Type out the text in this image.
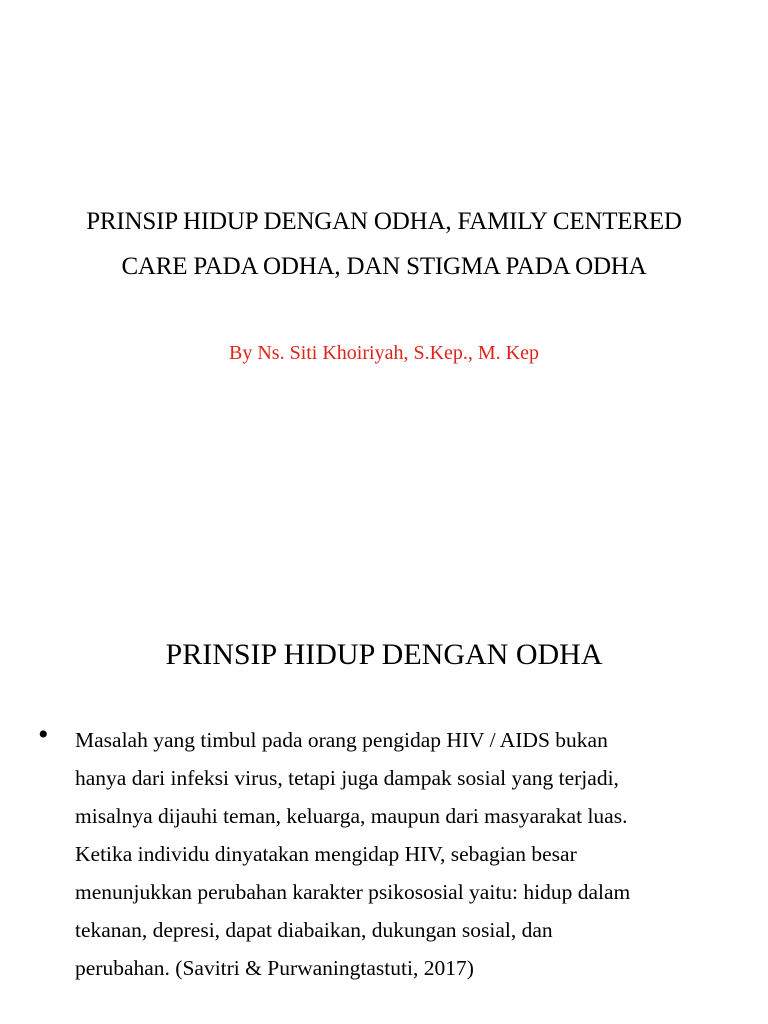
PRINSIP HIDUP DENGAN ODHA, FAMILY CENTERED
CARE PADA ODHA, DAN STIGMA PADA ODHA
By Ns. Siti Khoiriyah, S.Kep., M. Kep
PRINSIP HIDUP DENGAN ODHA
• Masalah yang timbul pada orang pengidap HIV / AIDS bukan
hanya dari infeksi virus, tetapi juga dampak sosial yang terjadi,
misalnya dijauhi teman, keluarga, maupun dari masyarakat luas.
Ketika individu dinyatakan mengidap HIV, sebagian besar
menunjukkan perubahan karakter psikososial yaitu: hidup dalam
tekanan, depresi, dapat diabaikan, dukungan sosial, dan
perubahan. (Savitri & Purwaningtastuti, 2017)
